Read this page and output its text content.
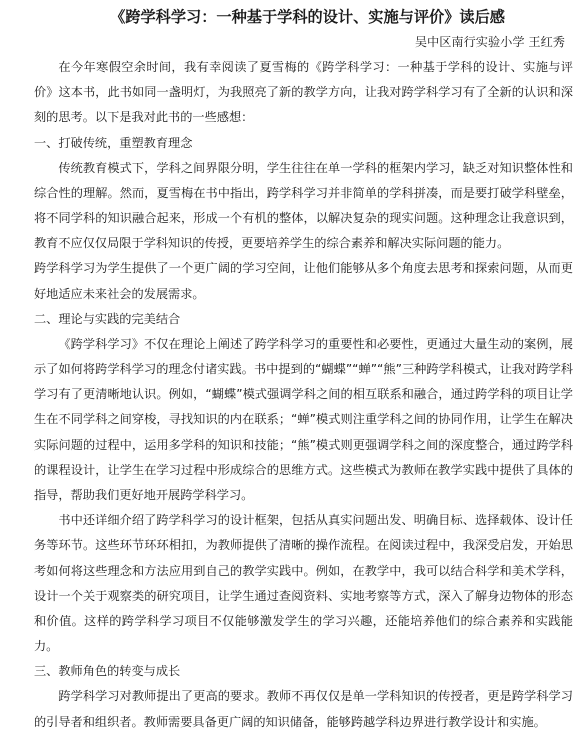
《跨学科学习：一种基于学科的设计、实施与评价》读后感
吴中区南行实验小学 王红秀

在今年寒假空余时间，我有幸阅读了夏雪梅的《跨学科学习：一种基于学科的设计、实施与评价》这本书，此书如同一盏明灯，为我照亮了新的教学方向，让我对跨学科学习有了全新的认识和深刻的思考。以下是我对此书的一些感想：

一、打破传统，重塑教育理念

传统教育模式下，学科之间界限分明，学生往往在单一学科的框架内学习，缺乏对知识整体性和综合性的理解。然而，夏雪梅在书中指出，跨学科学习并非简单的学科拼凑，而是要打破学科壁垒，将不同学科的知识融合起来，形成一个有机的整体，以解决复杂的现实问题。这种理念让我意识到，教育不应仅仅局限于学科知识的传授，更要培养学生的综合素养和解决实际问题的能力。

跨学科学习为学生提供了一个更广阔的学习空间，让他们能够从多个角度去思考和探索问题，从而更好地适应未来社会的发展需求。

二、理论与实践的完美结合

《跨学科学习》不仅在理论上阐述了跨学科学习的重要性和必要性，更通过大量生动的案例，展示了如何将跨学科学习的理念付诸实践。书中提到的“蝴蝶”“蝉”“熊”三种跨学科模式，让我对跨学科学习有了更清晰地认识。例如，“蝴蝶”模式强调学科之间的相互联系和融合，通过跨学科的项目让学生在不同学科之间穿梭，寻找知识的内在联系；“蝉”模式则注重学科之间的协同作用，让学生在解决实际问题的过程中，运用多学科的知识和技能；“熊”模式则更强调学科之间的深度整合，通过跨学科的课程设计，让学生在学习过程中形成综合的思维方式。这些模式为教师在教学实践中提供了具体的指导，帮助我们更好地开展跨学科学习。

书中还详细介绍了跨学科学习的设计框架，包括从真实问题出发、明确目标、选择载体、设计任务等环节。这些环节环环相扣，为教师提供了清晰的操作流程。在阅读过程中，我深受启发，开始思考如何将这些理念和方法应用到自己的教学实践中。例如，在教学中，我可以结合科学和美术学科，设计一个关于观察类的研究项目，让学生通过查阅资料、实地考察等方式，深入了解身边物体的形态和价值。这样的跨学科学习项目不仅能够激发学生的学习兴趣，还能培养他们的综合素养和实践能力。

三、教师角色的转变与成长

跨学科学习对教师提出了更高的要求。教师不再仅仅是单一学科知识的传授者，更是跨学科学习的引导者和组织者。教师需要具备更广阔的知识储备，能够跨越学科边界进行教学设计和实施。
